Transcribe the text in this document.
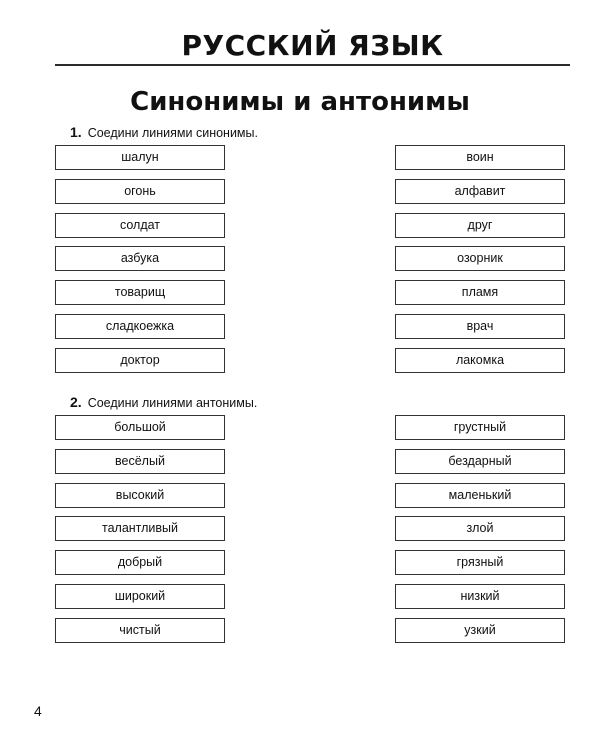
РУССКИЙ ЯЗЫК
Синонимы и антонимы
1. Соедини линиями синонимы.
шалун
огонь
солдат
азбука
товарищ
сладкоежка
доктор
воин
алфавит
друг
озорник
пламя
врач
лакомка
2. Соедини линиями антонимы.
большой
весёлый
высокий
талантливый
добрый
широкий
чистый
грустный
бездарный
маленький
злой
грязный
низкий
узкий
4
